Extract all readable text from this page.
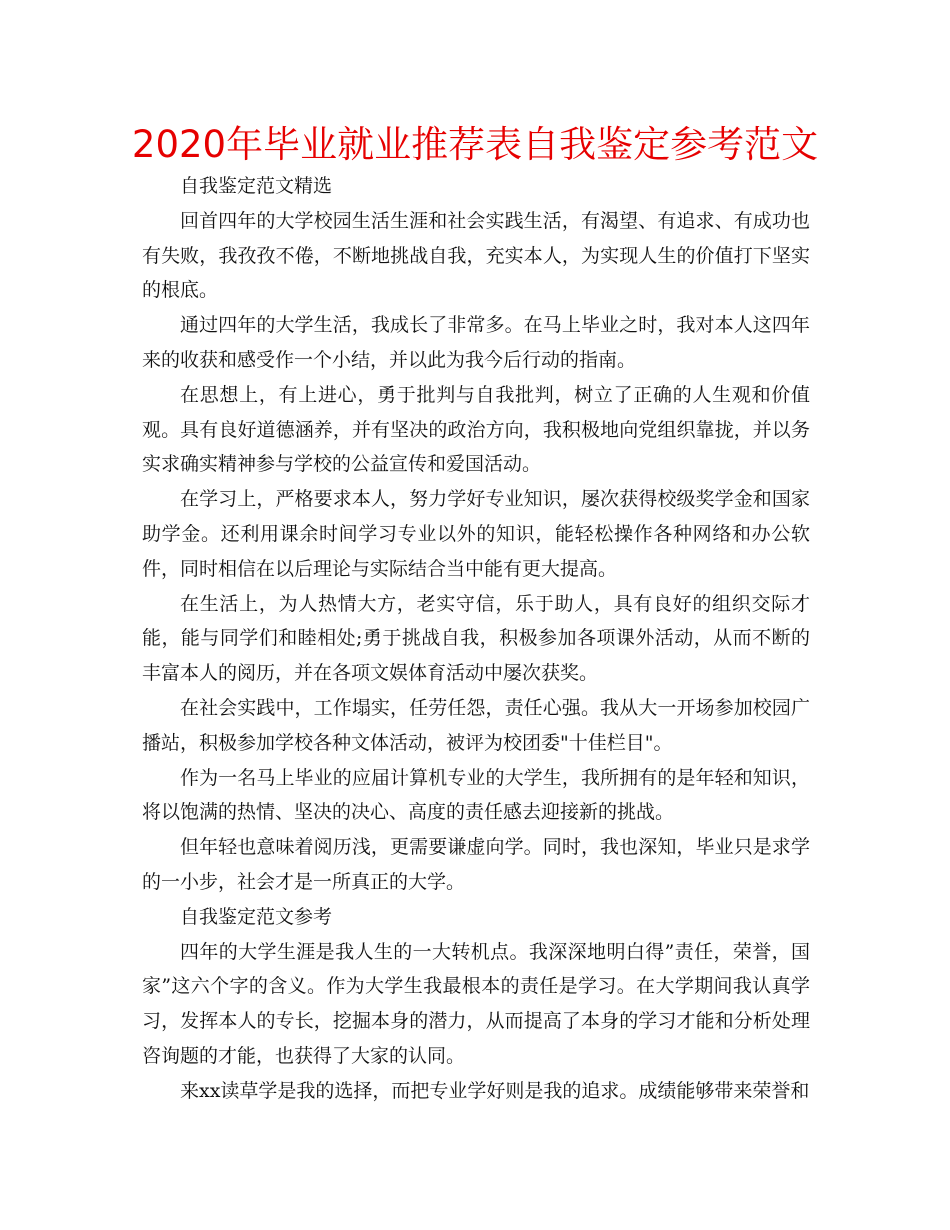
2020年毕业就业推荐表自我鉴定参考范文

自我鉴定范文精选

回首四年的大学校园生活生涯和社会实践生活，有渴望、有追求、有成功也有失败，我孜孜不倦，不断地挑战自我，充实本人，为实现人生的价值打下坚实的根底。

通过四年的大学生活，我成长了非常多。在马上毕业之时，我对本人这四年来的收获和感受作一个小结，并以此为我今后行动的指南。

在思想上，有上进心，勇于批判与自我批判，树立了正确的人生观和价值观。具有良好道德涵养，并有坚决的政治方向，我积极地向党组织靠拢，并以务实求确实精神参与学校的公益宣传和爱国活动。

在学习上，严格要求本人，努力学好专业知识，屡次获得校级奖学金和国家助学金。还利用课余时间学习专业以外的知识，能轻松操作各种网络和办公软件，同时相信在以后理论与实际结合当中能有更大提高。

在生活上，为人热情大方，老实守信，乐于助人，具有良好的组织交际才能，能与同学们和睦相处;勇于挑战自我，积极参加各项课外活动，从而不断的丰富本人的阅历，并在各项文娱体育活动中屡次获奖。

在社会实践中，工作塌实，任劳任怨，责任心强。我从大一开场参加校园广播站，积极参加学校各种文体活动，被评为校团委"十佳栏目"。

作为一名马上毕业的应届计算机专业的大学生，我所拥有的是年轻和知识，将以饱满的热情、坚决的决心、高度的责任感去迎接新的挑战。

但年轻也意味着阅历浅，更需要谦虚向学。同时，我也深知，毕业只是求学的一小步，社会才是一所真正的大学。

自我鉴定范文参考

四年的大学生涯是我人生的一大转机点。我深深地明白得”责任，荣誉，国家”这六个字的含义。作为大学生我最根本的责任是学习。在大学期间我认真学习，发挥本人的专长，挖掘本身的潜力，从而提高了本身的学习才能和分析处理咨询题的才能，也获得了大家的认同。

来xx读草学是我的选择，而把专业学好则是我的追求。成绩能够带来荣誉和
